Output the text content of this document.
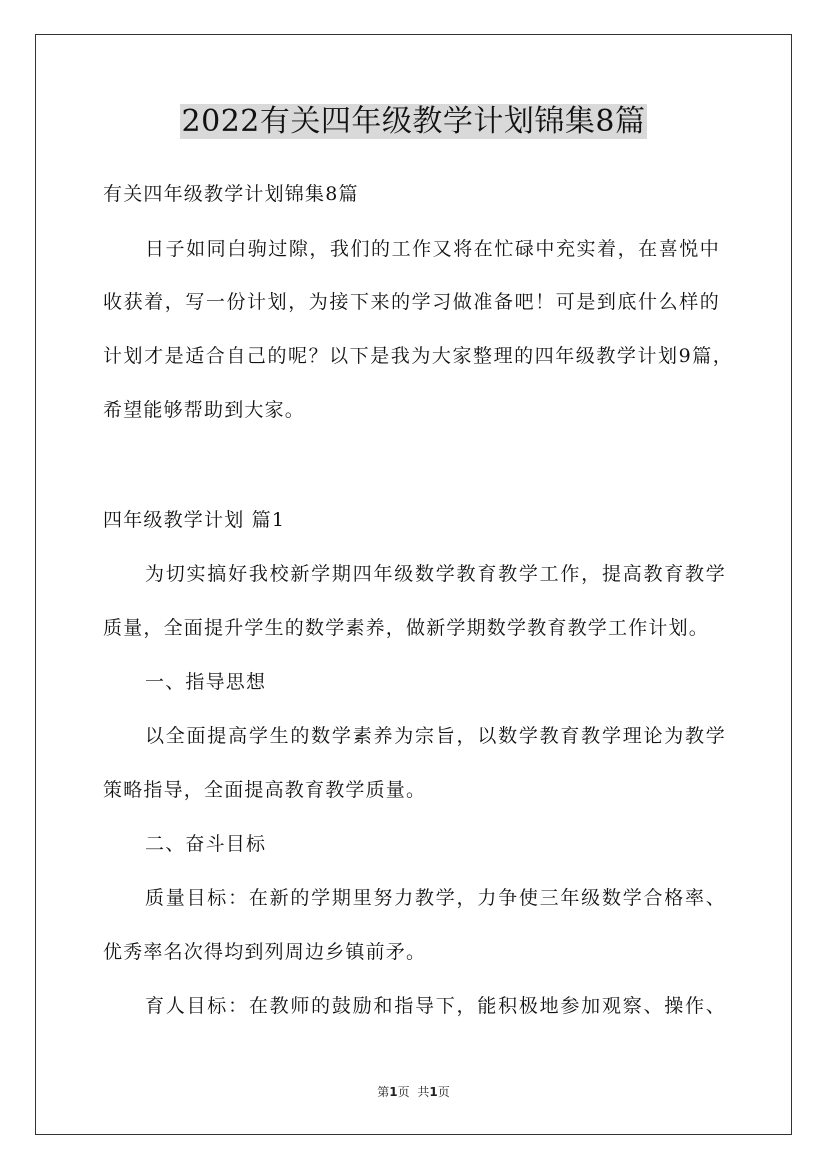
2022有关四年级教学计划锦集8篇
有关四年级教学计划锦集8篇
日子如同白驹过隙，我们的工作又将在忙碌中充实着，在喜悦中
收获着，写一份计划，为接下来的学习做准备吧！可是到底什么样的
计划才是适合自己的呢？以下是我为大家整理的四年级教学计划9篇，
希望能够帮助到大家。
四年级教学计划 篇1
为切实搞好我校新学期四年级数学教育教学工作，提高教育教学
质量，全面提升学生的数学素养，做新学期数学教育教学工作计划。
一、指导思想
以全面提高学生的数学素养为宗旨，以数学教育教学理论为教学
策略指导，全面提高教育教学质量。
二、奋斗目标
质量目标：在新的学期里努力教学，力争使三年级数学合格率、
优秀率名次得均到列周边乡镇前矛。
育人目标：在教师的鼓励和指导下，能积极地参加观察、操作、
第1页 共1页
